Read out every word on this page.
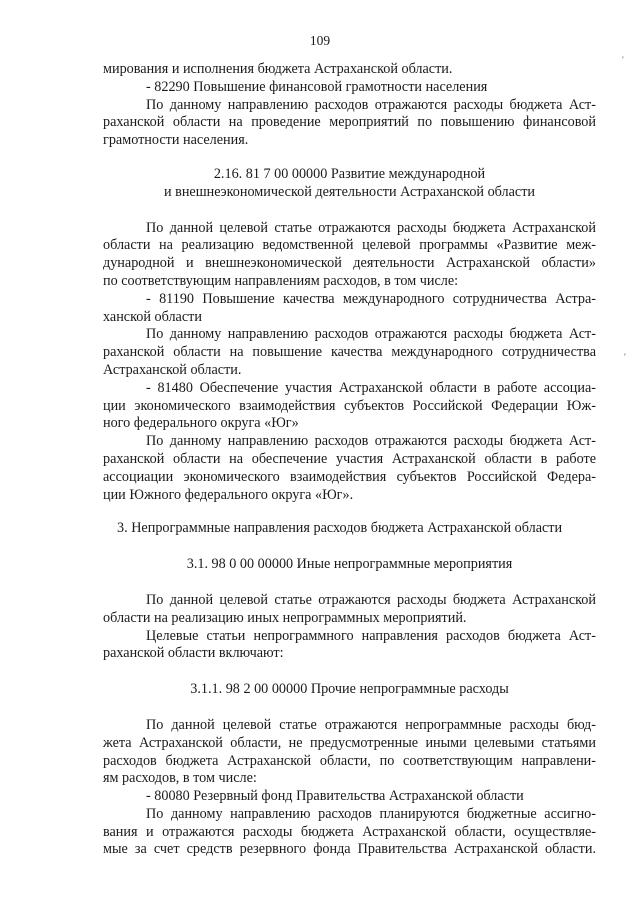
109
′
′
мирования и исполнения бюджета Астраханской области.
- 82290 Повышение финансовой грамотности населения
По данному направлению расходов отражаются расходы бюджета Аст-
раханской области на проведение мероприятий по повышению финансовой
грамотности населения.
2.16. 81 7 00 00000 Развитие международной
и внешнеэкономической деятельности Астраханской области
По данной целевой статье отражаются расходы бюджета Астраханской
области на реализацию ведомственной целевой программы «Развитие меж-
дународной и внешнеэкономической деятельности Астраханской области»
по соответствующим направлениям расходов, в том числе:
- 81190 Повышение качества международного сотрудничества Астра-
ханской области
По данному направлению расходов отражаются расходы бюджета Аст-
раханской области на повышение качества международного сотрудничества
Астраханской области.
- 81480 Обеспечение участия Астраханской области в работе ассоциа-
ции экономического взаимодействия субъектов Российской Федерации Юж-
ного федерального округа «Юг»
По данному направлению расходов отражаются расходы бюджета Аст-
раханской области на обеспечение участия Астраханской области в работе
ассоциации экономического взаимодействия субъектов Российской Федера-
ции Южного федерального округа «Юг».
3. Непрограммные направления расходов бюджета Астраханской области
3.1. 98 0 00 00000 Иные непрограммные мероприятия
По данной целевой статье отражаются расходы бюджета Астраханской
области на реализацию иных непрограммных мероприятий.
Целевые статьи непрограммного направления расходов бюджета Аст-
раханской области включают:
3.1.1. 98 2 00 00000 Прочие непрограммные расходы
По данной целевой статье отражаются непрограммные расходы бюд-
жета Астраханской области, не предусмотренные иными целевыми статьями
расходов бюджета Астраханской области, по соответствующим направлени-
ям расходов, в том числе:
- 80080 Резервный фонд Правительства Астраханской области
По данному направлению расходов планируются бюджетные ассигно-
вания и отражаются расходы бюджета Астраханской области, осуществляе-
мые за счет средств резервного фонда Правительства Астраханской области.
